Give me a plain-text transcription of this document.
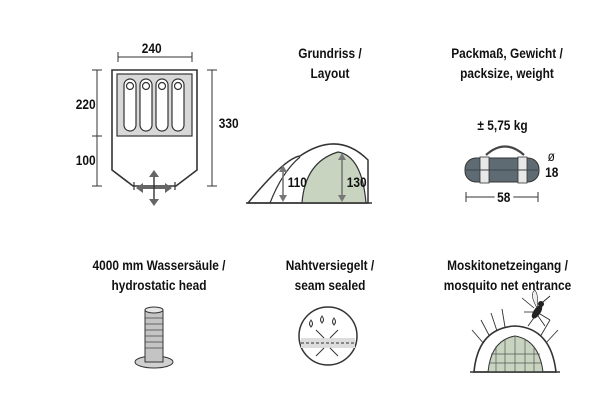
240
220
100
330
Grundriss /
Layout
110	130
Packmaß, Gewicht /
packsize, weight
± 5,75 kg
ø
18
58
4000 mm Wassersäule /
hydrostatic head
Nahtversiegelt /
seam sealed
Moskitonetzeingang /
mosquito net entrance
